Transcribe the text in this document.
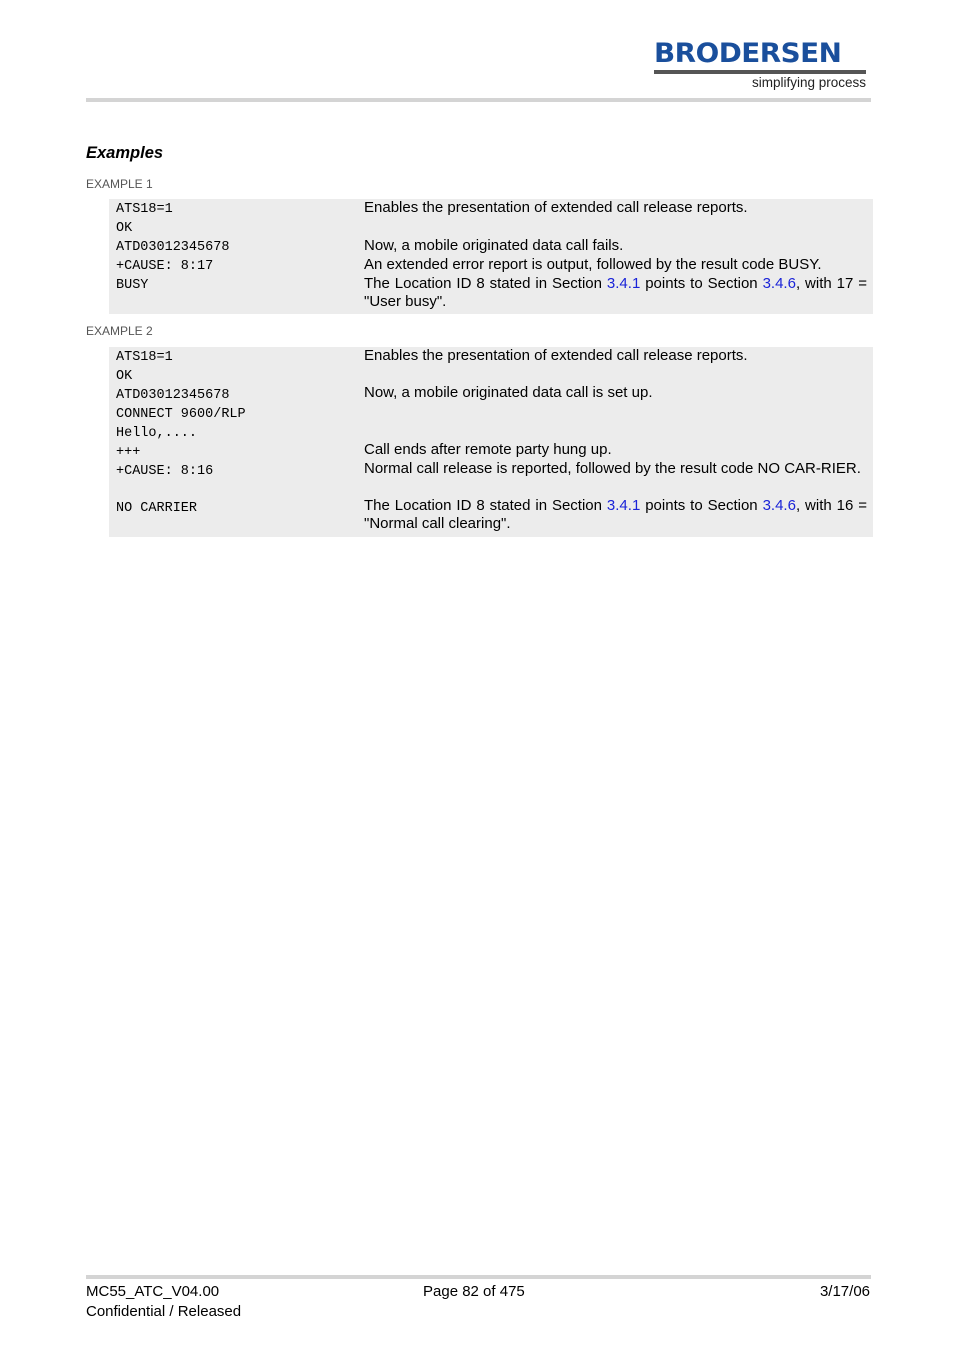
BRODERSEN
simplifying process
Examples
EXAMPLE 1
ATS18=1	Enables the presentation of extended call release reports.
OK
ATD03012345678	Now, a mobile originated data call fails.
+CAUSE: 8:17	An extended error report is output, followed by the result code BUSY.
BUSY	The Location ID 8 stated in Section 3.4.1 points to Section 3.4.6, with 17 = "User busy".
EXAMPLE 2
ATS18=1	Enables the presentation of extended call release reports.
OK
ATD03012345678	Now, a mobile originated data call is set up.
CONNECT 9600/RLP
Hello,....
+++	Call ends after remote party hung up.
+CAUSE: 8:16	Normal call release is reported, followed by the result code NO CAR-RIER.
NO CARRIER	The Location ID 8 stated in Section 3.4.1 points to Section 3.4.6, with 16 = "Normal call clearing".
MC55_ATC_V04.00
Confidential / Released
Page 82 of 475	3/17/06
